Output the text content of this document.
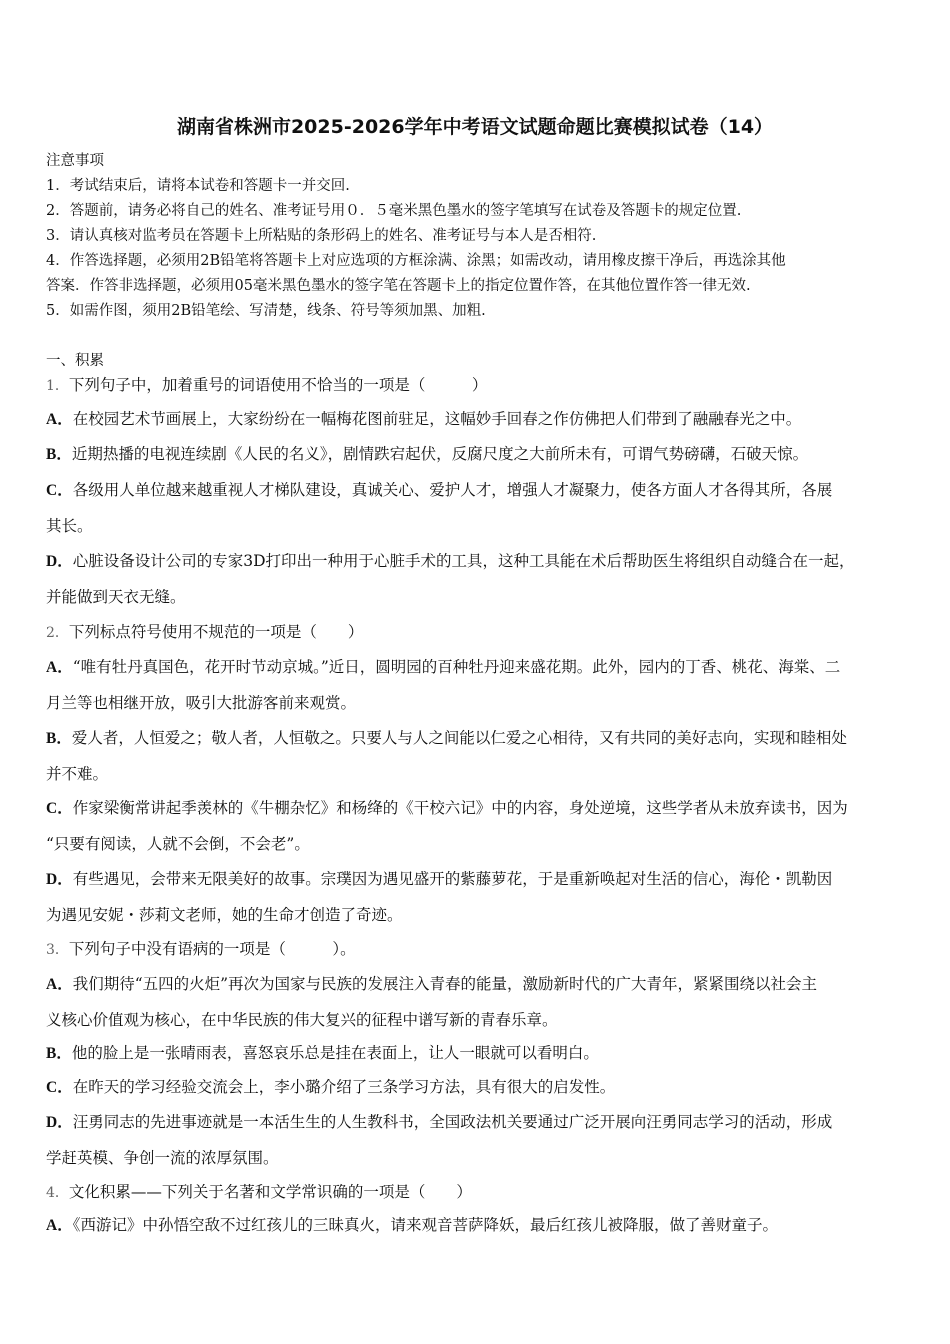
湖南省株洲市2025-2026学年中考语文试题命题比赛模拟试卷（14）
注意事项
1．考试结束后，请将本试卷和答题卡一并交回.
2．答题前，请务必将自己的姓名、准考证号用０．５毫米黑色墨水的签字笔填写在试卷及答题卡的规定位置.
3．请认真核对监考员在答题卡上所粘贴的条形码上的姓名、准考证号与本人是否相符.
4．作答选择题，必须用2B铅笔将答题卡上对应选项的方框涂满、涂黑；如需改动，请用橡皮擦干净后，再选涂其他
答案．作答非选择题，必须用05毫米黑色墨水的签字笔在答题卡上的指定位置作答，在其他位置作答一律无效.
5．如需作图，须用2B铅笔绘、写清楚，线条、符号等须加黑、加粗.
一、积累
1．下列句子中，加着重号的词语使用不恰当的一项是（　　　）
A．在校园艺术节画展上，大家纷纷在一幅梅花图前驻足，这幅妙手回春之作仿佛把人们带到了融融春光之中。
B．近期热播的电视连续剧《人民的名义》，剧情跌宕起伏，反腐尺度之大前所未有，可谓气势磅礴，石破天惊。
C．各级用人单位越来越重视人才梯队建设，真诚关心、爱护人才，增强人才凝聚力，使各方面人才各得其所，各展
其长。
D．心脏设备设计公司的专家3D打印出一种用于心脏手术的工具，这种工具能在术后帮助医生将组织自动缝合在一起，
并能做到天衣无缝。
2．下列标点符号使用不规范的一项是（　　）
A．“唯有牡丹真国色，花开时节动京城。”近日，圆明园的百种牡丹迎来盛花期。此外，园内的丁香、桃花、海棠、二
月兰等也相继开放，吸引大批游客前来观赏。
B．爱人者，人恒爱之；敬人者，人恒敬之。只要人与人之间能以仁爱之心相待，又有共同的美好志向，实现和睦相处
并不难。
C．作家梁衡常讲起季羡林的《牛棚杂忆》和杨绛的《干校六记》中的内容，身处逆境，这些学者从未放弃读书，因为
“只要有阅读，人就不会倒，不会老”。
D．有些遇见，会带来无限美好的故事。宗璞因为遇见盛开的紫藤萝花，于是重新唤起对生活的信心，海伦・凯勒因
为遇见安妮・莎莉文老师，她的生命才创造了奇迹。
3．下列句子中没有语病的一项是（　　　）。
A．我们期待“五四的火炬”再次为国家与民族的发展注入青春的能量，激励新时代的广大青年，紧紧围绕以社会主
义核心价值观为核心，在中华民族的伟大复兴的征程中谱写新的青春乐章。
B．他的脸上是一张晴雨表，喜怒哀乐总是挂在表面上，让人一眼就可以看明白。
C．在昨天的学习经验交流会上，李小璐介绍了三条学习方法，具有很大的启发性。
D．汪勇同志的先进事迹就是一本活生生的人生教科书，全国政法机关要通过广泛开展向汪勇同志学习的活动，形成
学赶英模、争创一流的浓厚氛围。
4．文化积累——下列关于名著和文学常识确的一项是（　　）
A．《西游记》中孙悟空敌不过红孩儿的三昧真火，请来观音菩萨降妖，最后红孩儿被降服，做了善财童子。
